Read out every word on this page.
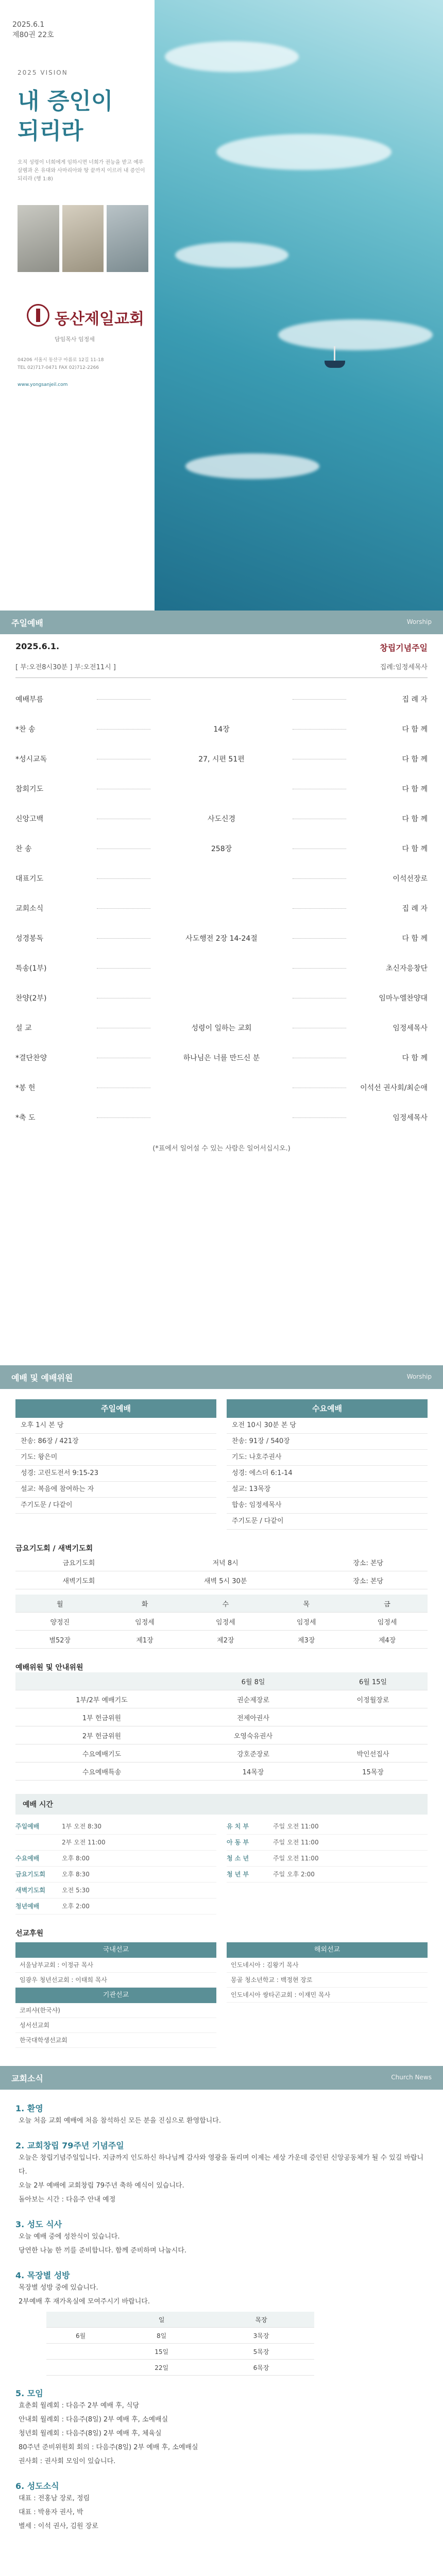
2025.6.1
제80권 22호
2025 VISION
내 증인이
되리라
오직 성령이 너희에게 임하시면 너희가 권능을 받고 예루살렘과 온 유대와 사마리아와 땅 끝까지 이르러 내 증인이 되리라 (행 1:8)
동산제일교회
담임목사 임정세
04206 서울시 동산구 아름로 12길 11-18
TEL 02)717-0471 FAX 02)712-2266
www.yongsanjeil.com
주일예배	Worship
2025.6.1.	창립기념주일
[ 부:오전8시30분 ] 부:오전11시 ]	집례:임정세목사
예배부름	집 례 자
*찬 송	14장	다 함 께
*성시교독	27, 시편 51편	다 함 께
참회기도	다 함 께
신앙고백	사도신경	다 함 께
찬 송	258장	다 함 께
대표기도	이석선장로
교회소식	집 례 자
성경봉독	사도행전 2장 14-24절	다 함 께
특송(1부)	초신자응창단
찬양(2부)	임마누엘찬양대
설 교	성령이 일하는 교회	임정세목사
*결단찬양	하나님은 너를 만드신 분	다 함 께
*봉 헌	이석선 권사회/최순애
*축 도	임정세목사
(*표에서 일어설 수 있는 사람은 일어서십시오.)
예배 및 예배위원	Worship
주일예배
오후 1시 본 당
찬송: 86장 / 421장
기도: 왕은미
성경: 고린도전서 9:15-23
설교: 복음에 참여하는 자
주기도문 / 다같이
수요예배
오전 10시 30분 본 당
찬송: 91장 / 540장
기도: 나호주권사
성경: 에스더 6:1-14
설교: 13목장
합송: 임정세목사
주기도문 / 다같이
금요기도회 / 새벽기도회
금요기도회	저녁 8시	장소: 본당
새벽기도회	새벽 5시 30분	장소: 본당
월	화	수	목	금
양정진	임정세	임정세	임정세	임정세
별52장	제1장	제2장	제3장	제4장
예배위원 및 안내위원
	6월 8일	6월 15일
1부/2부 예배기도	권순제장로	이정월장로
1부 헌금위원	전제아권사	
2부 헌금위원	오영숙유권사	
수요예배기도	강호준장로	박인선집사
수요예배특송	14목장	15목장
예배 시간
주일예배	1부 오전 8:30
2부 오전 11:00
수요예배	오후 8:00
금요기도회	오후 8:30
새벽기도회	오전 5:30
청년예배	오후 2:00
유 치 부	주일 오전 11:00
아 동 부	주일 오전 11:00
청 소 년	주일 오전 11:00
청 년 부	주일 오후 2:00
선교후원
국내선교
서울남부교회 : 이정규 목사
임광우 청년선교회 : 이태희 목사
기관선교
코피샤(한국샤)
성서선교회
한국대학생선교회
해외선교
인도네시아 : 김왕기 목사
몽골 청소년학교 : 백정현 장로
인도네시아 쌍타곤교회 : 이재민 목사
교회소식	Church News
1. 환영
오늘 처음 교회 예배에 처음 참석하신 모든 분을 진심으로 환영합니다.
2. 교회창립 79주년 기념주일
오늘은 창립기념주일입니다. 지금까지 인도하신 하나님께 감사와 영광을 돌리며 이제는 세상 가운데 증인된 신앙공동체가 될 수 있길 바랍니다.
오늘 2부 예배에 교회창립 79주년 축하 예식이 있습니다.
돌아보는 시간 : 다음주 안내 예정
3. 성도 식사
오늘 예배 중에 성찬식이 있습니다.
당연한 나눔 한 끼를 준비합니다. 함께 준비하며 나눕시다.
4. 목장별 성방
목장별 성방 중에 있습니다.
2부예배 후 재가옥실에 모여주시기 바랍니다.
	일	목장
6월	8일	3목장
	15일	5목장
	22일	6목장
5. 모임
효춘회 월례회 : 다음주 2부 예배 후, 식당
안내회 월례회 : 다음주(8일) 2부 예배 후, 소예배실
청년회 월례회 : 다음주(8일) 2부 예배 후, 체육실
80주년 준비위원회 회의 : 다음주(8일) 2부 예배 후, 소예배실
권사회 : 권사회 모임이 있습니다.
6. 성도소식
대표 : 전홍남 장로, 정림
대표 : 박용자 권사, 박
별세 : 이석 권사, 김원 장로
